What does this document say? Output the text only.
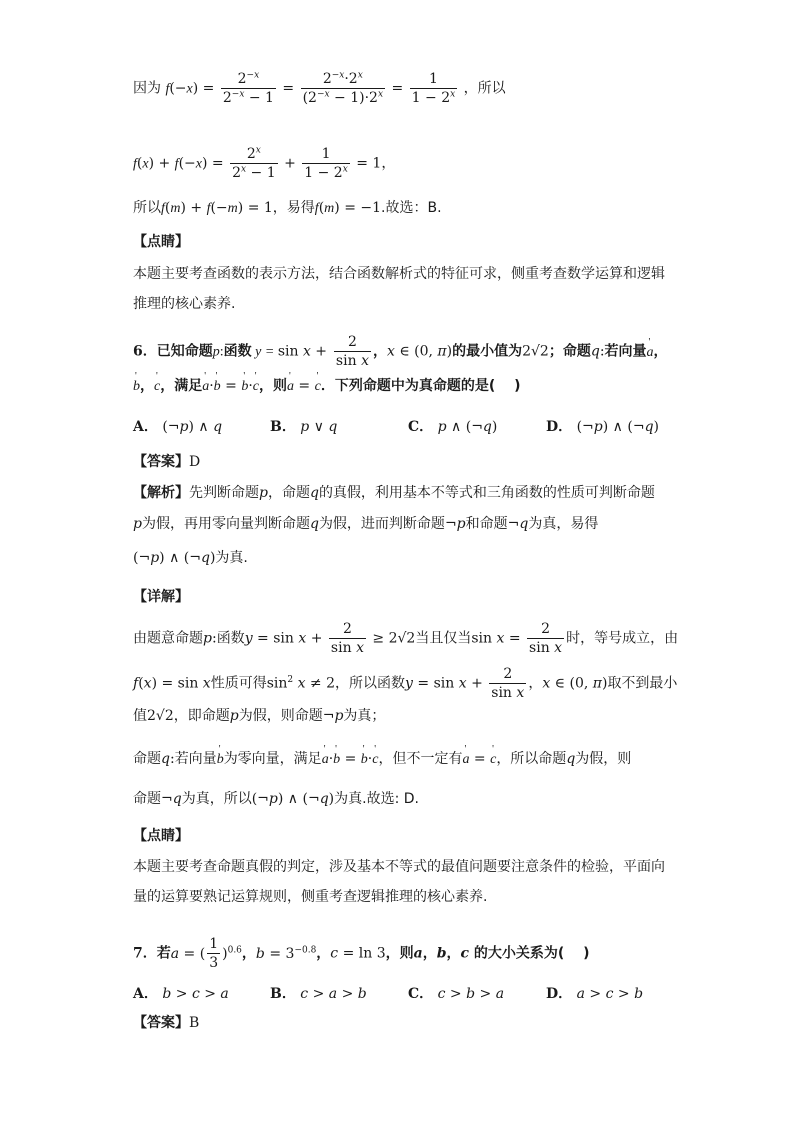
因为 $f(-x) = \frac{2^{-x}}{2^{-x} - 1} = \frac{2^{-x}\cdot 2^x}{(2^{-x} - 1)\cdot 2^x} = \frac{1}{1 - 2^x}$ ，所以
$f(x) + f(-x) = \frac{2^x}{2^x - 1} + \frac{1}{1 - 2^x} = 1$，
所以f(m) + f(−m) = 1，易得f(m) = −1.故选：B.
【点睛】
本题主要考查函数的表示方法，结合函数解析式的特征可求，侧重考查数学运算和逻辑
推理的核心素养.
6．已知命题p:函数 $y = \sin x + \frac{2}{\text{sin x}}$ ，x ∈ (0, π)的最小值为2√2；命题q:若向量' a，
' b，' c，满足' a·' b = ' b·' c，则' a = ' c．下列命题中为真命题的是(　 )
A． (¬p) ∧ q	B． p ∨ q	C． p ∧ (¬q)	D． (¬p) ∧ (¬q)
【答案】D
【解析】先判断命题p，命题q的真假，利用基本不等式和三角函数的性质可判断命题
p为假，再用零向量判断命题q为假，进而判断命题¬p和命题¬q为真，易得
(¬p) ∧ (¬q)为真.
【详解】
由题意命题p:函数$y = \sin x + \frac{2}{\text{sin x}} \ge 2√2$当且仅当$\sin x = \frac{2}{\text{sin x}}$ 时，等号成立，由
f(x) = sin x性质可得$\sin^2 x \ne 2$，所以函数$y = \sin x + \frac{2}{\text{sin x}}$ ，x ∈ (0, π)取不到最小
值2√2，即命题p为假，则命题¬p为真；
命题q:若向量' b为零向量，满足' a·' b = ' b·' c，但不一定有' a = ' c，所以命题q为假，则
命题¬q为真，所以(¬p) ∧ (¬q)为真.故选: D.
【点睛】
本题主要考查命题真假的判定，涉及基本不等式的最值问题要注意条件的检验，平面向
量的运算要熟记运算规则，侧重考查逻辑推理的核心素养.
7．若a = ( $\frac{1}{3} )^{0.6}$，$b = 3^{-0.8}$，c = ln 3，则a，b，c 的大小关系为(　 )
A． b > c > a	B． c > a > b	C． c > b > a	D． a > c > b
【答案】B
